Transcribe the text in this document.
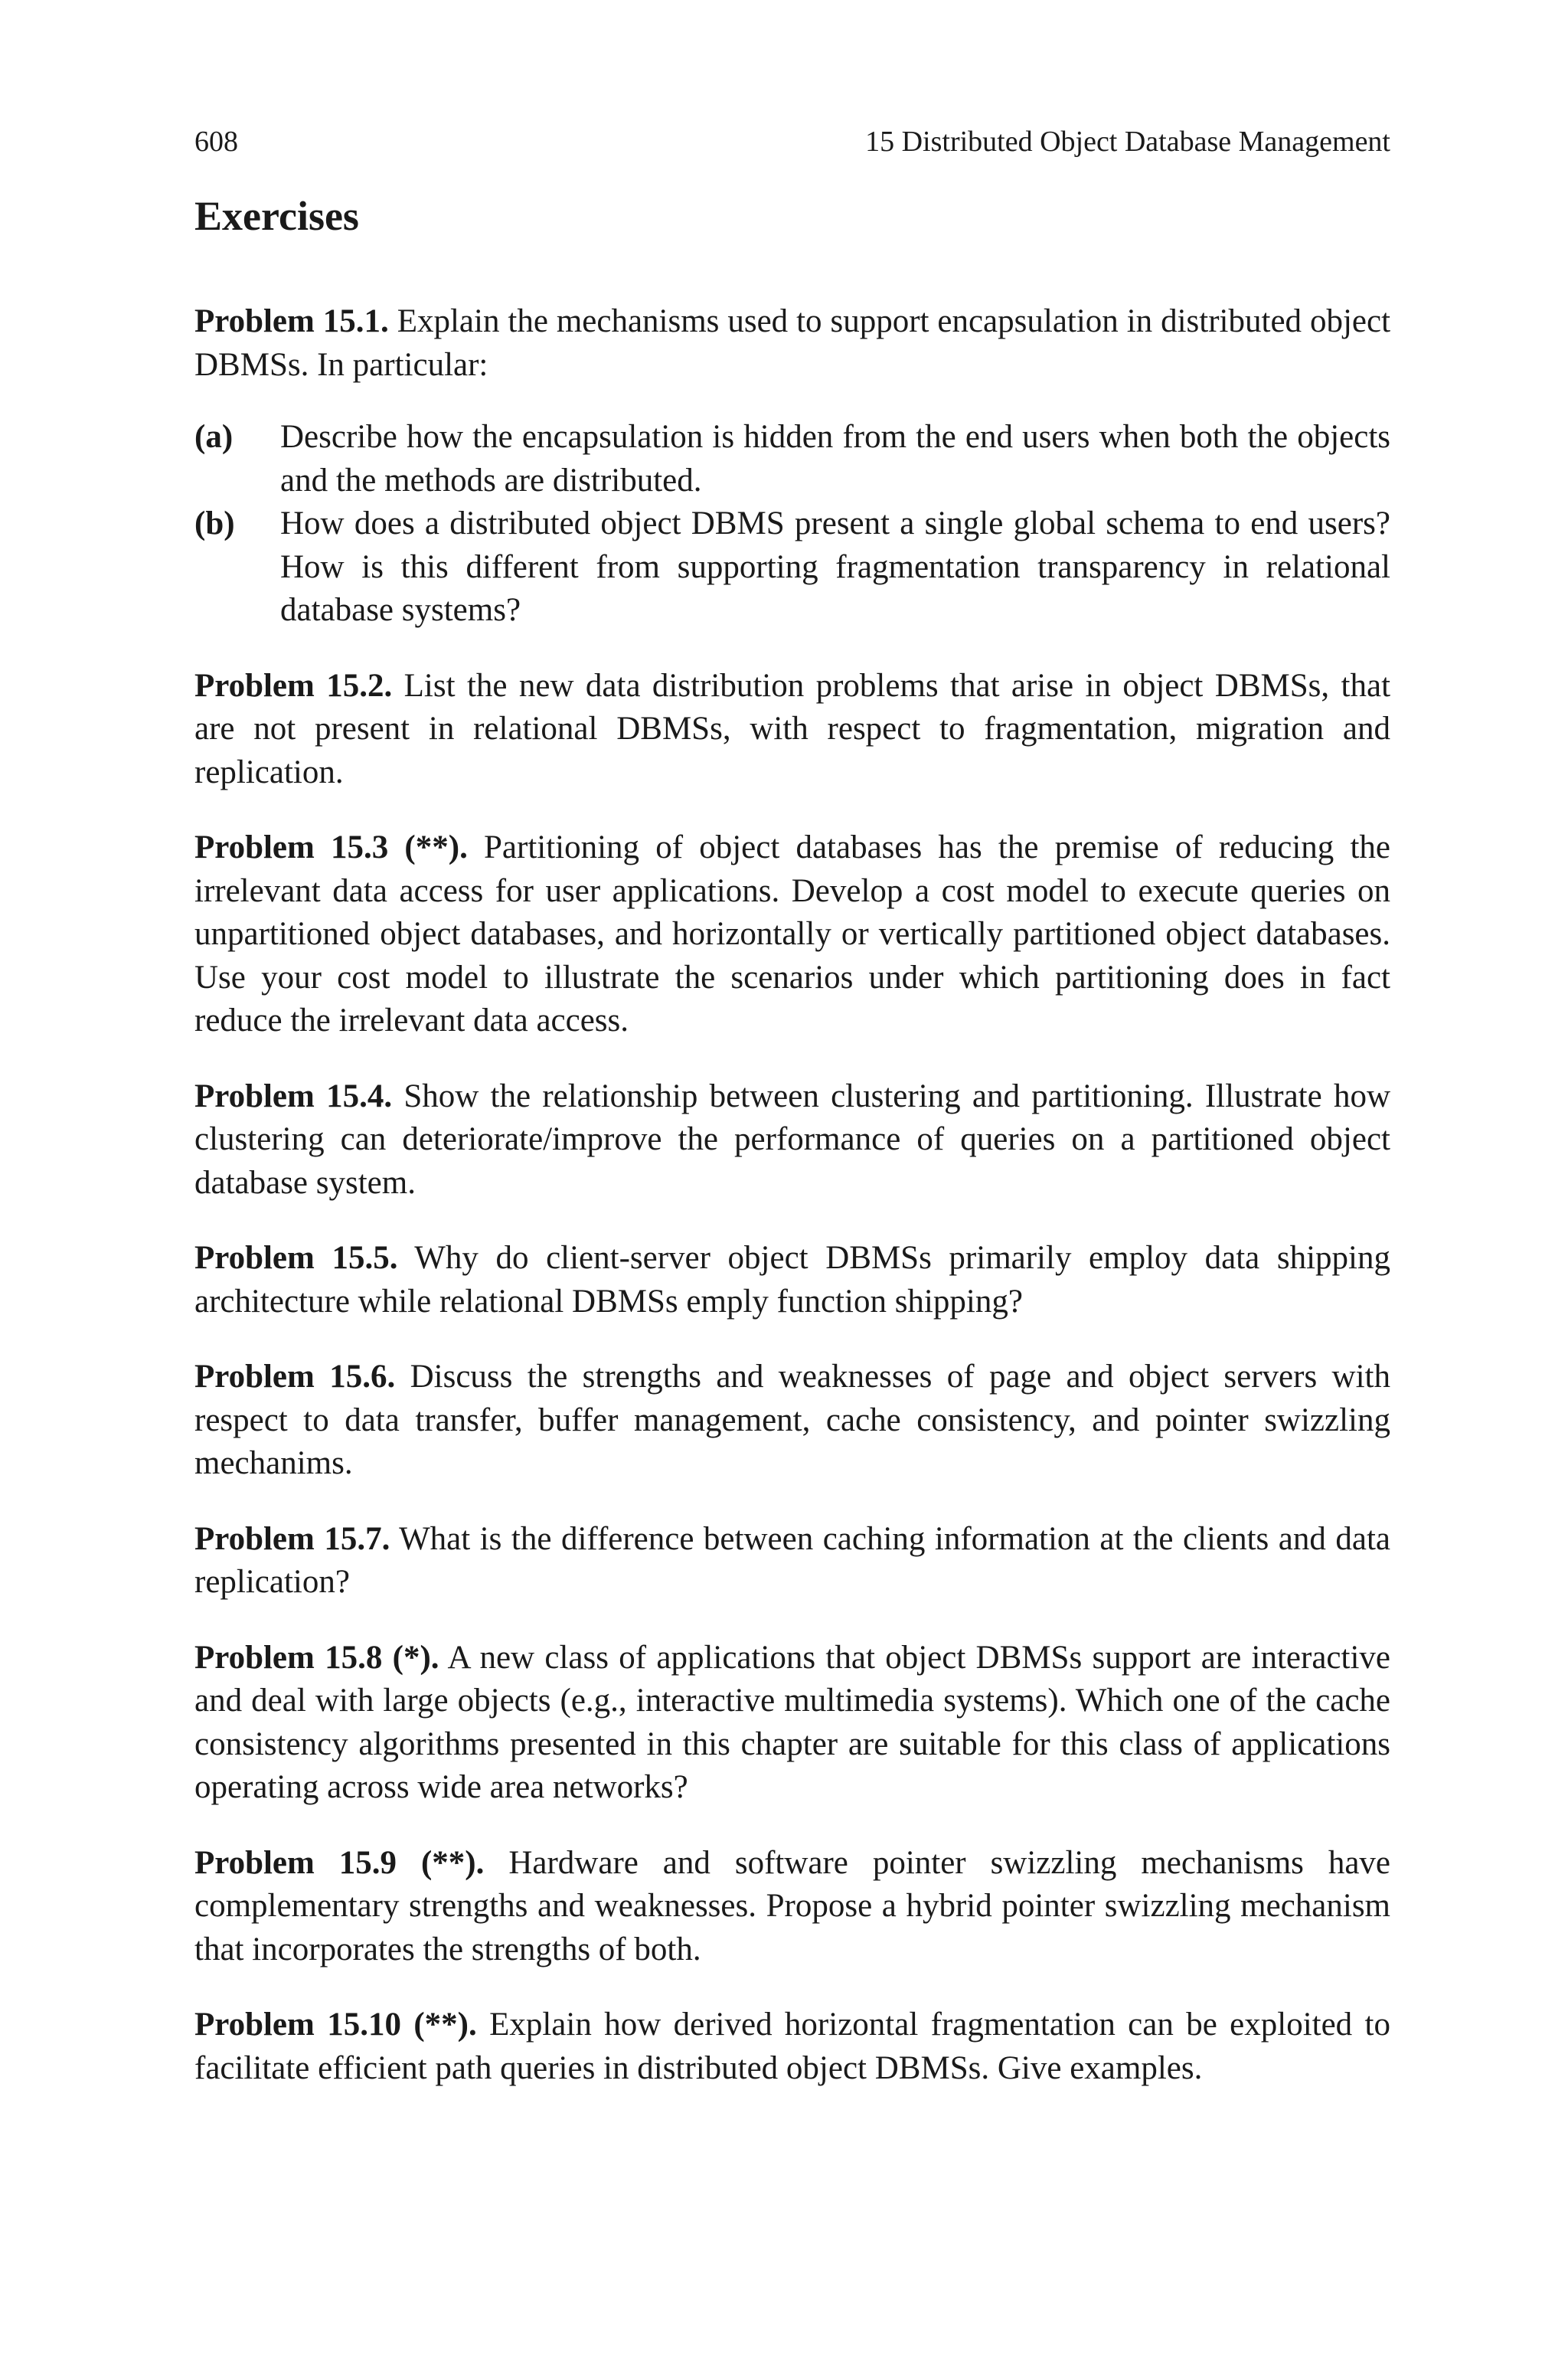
608	15 Distributed Object Database Management
Exercises
Problem 15.1. Explain the mechanisms used to support encapsulation in distributed object DBMSs. In particular:
(a)	Describe how the encapsulation is hidden from the end users when both the objects and the methods are distributed.
(b)	How does a distributed object DBMS present a single global schema to end users? How is this different from supporting fragmentation transparency in relational database systems?
Problem 15.2. List the new data distribution problems that arise in object DBMSs, that are not present in relational DBMSs, with respect to fragmentation, migration and replication.
Problem 15.3 (**). Partitioning of object databases has the premise of reducing the irrelevant data access for user applications. Develop a cost model to execute queries on unpartitioned object databases, and horizontally or vertically partitioned object databases. Use your cost model to illustrate the scenarios under which partitioning does in fact reduce the irrelevant data access.
Problem 15.4. Show the relationship between clustering and partitioning. Illustrate how clustering can deteriorate/improve the performance of queries on a partitioned object database system.
Problem 15.5. Why do client-server object DBMSs primarily employ data shipping architecture while relational DBMSs emply function shipping?
Problem 15.6. Discuss the strengths and weaknesses of page and object servers with respect to data transfer, buffer management, cache consistency, and pointer swizzling mechanims.
Problem 15.7. What is the difference between caching information at the clients and data replication?
Problem 15.8 (*). A new class of applications that object DBMSs support are interactive and deal with large objects (e.g., interactive multimedia systems). Which one of the cache consistency algorithms presented in this chapter are suitable for this class of applications operating across wide area networks?
Problem 15.9 (**). Hardware and software pointer swizzling mechanisms have complementary strengths and weaknesses. Propose a hybrid pointer swizzling mechanism that incorporates the strengths of both.
Problem 15.10 (**). Explain how derived horizontal fragmentation can be exploited to facilitate efficient path queries in distributed object DBMSs. Give examples.
